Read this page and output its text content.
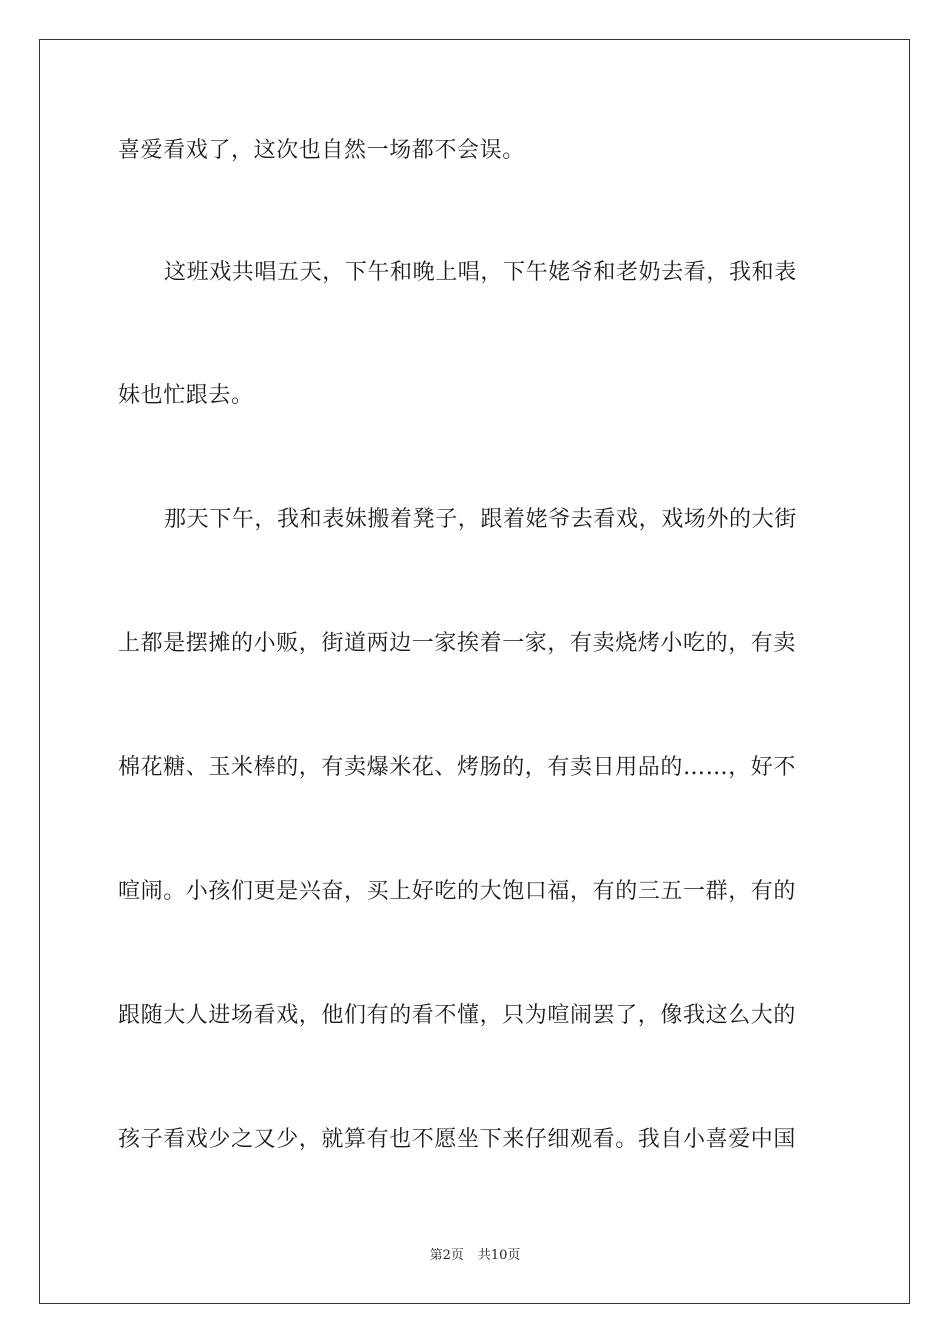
喜爱看戏了，这次也自然一场都不会误。
这班戏共唱五天，下午和晚上唱，下午姥爷和老奶去看，我和表
妹也忙跟去。
那天下午，我和表妹搬着凳子，跟着姥爷去看戏，戏场外的大街
上都是摆摊的小贩，街道两边一家挨着一家，有卖烧烤小吃的，有卖
棉花糖、玉米棒的，有卖爆米花、烤肠的，有卖日用品的……，好不
喧闹。小孩们更是兴奋，买上好吃的大饱口福，有的三五一群，有的
跟随大人进场看戏，他们有的看不懂，只为喧闹罢了，像我这么大的
孩子看戏少之又少，就算有也不愿坐下来仔细观看。我自小喜爱中国
第2页 共10页
